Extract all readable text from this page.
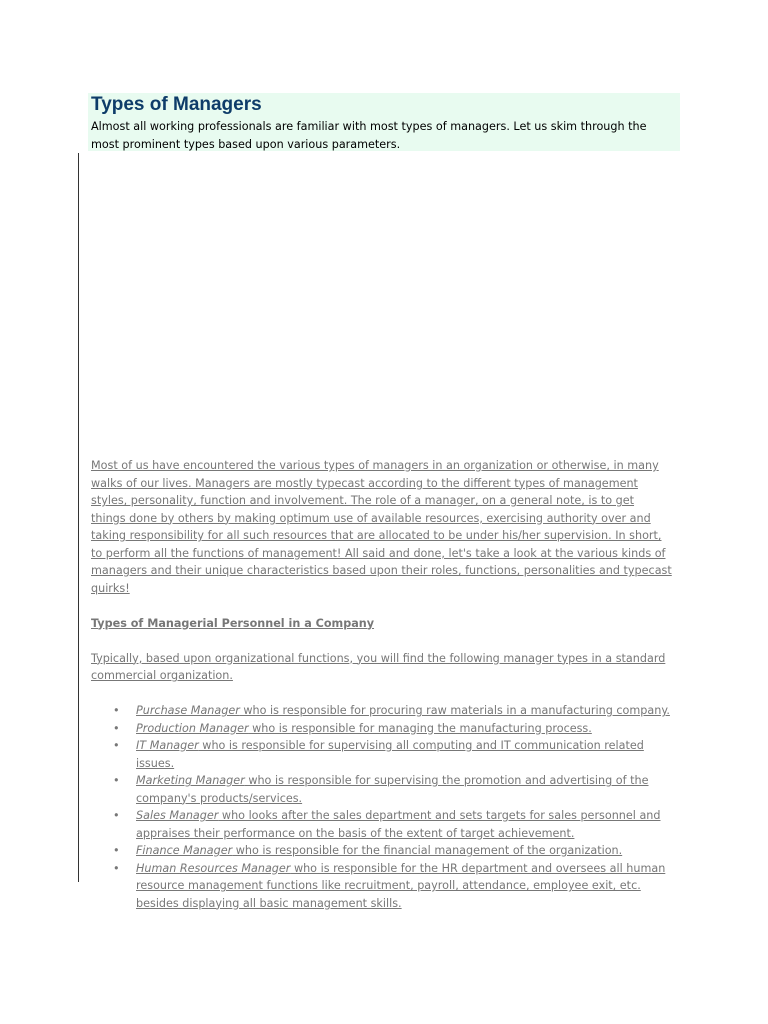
Types of Managers

Almost all working professionals are familiar with most types of managers. Let us skim through the
most prominent types based upon various parameters.

Most of us have encountered the various types of managers in an organization or otherwise, in many
walks of our lives. Managers are mostly typecast according to the different types of management
styles, personality, function and involvement. The role of a manager, on a general note, is to get
things done by others by making optimum use of available resources, exercising authority over and
taking responsibility for all such resources that are allocated to be under his/her supervision. In short,
to perform all the functions of management! All said and done, let's take a look at the various kinds of
managers and their unique characteristics based upon their roles, functions, personalities and typecast
quirks!

Types of Managerial Personnel in a Company

Typically, based upon organizational functions, you will find the following manager types in a standard
commercial organization.

• Purchase Manager who is responsible for procuring raw materials in a manufacturing company.
• Production Manager who is responsible for managing the manufacturing process.
• IT Manager who is responsible for supervising all computing and IT communication related
issues.
• Marketing Manager who is responsible for supervising the promotion and advertising of the
company's products/services.
• Sales Manager who looks after the sales department and sets targets for sales personnel and
appraises their performance on the basis of the extent of target achievement.
• Finance Manager who is responsible for the financial management of the organization.
• Human Resources Manager who is responsible for the HR department and oversees all human
resource management functions like recruitment, payroll, attendance, employee exit, etc.
besides displaying all basic management skills.
